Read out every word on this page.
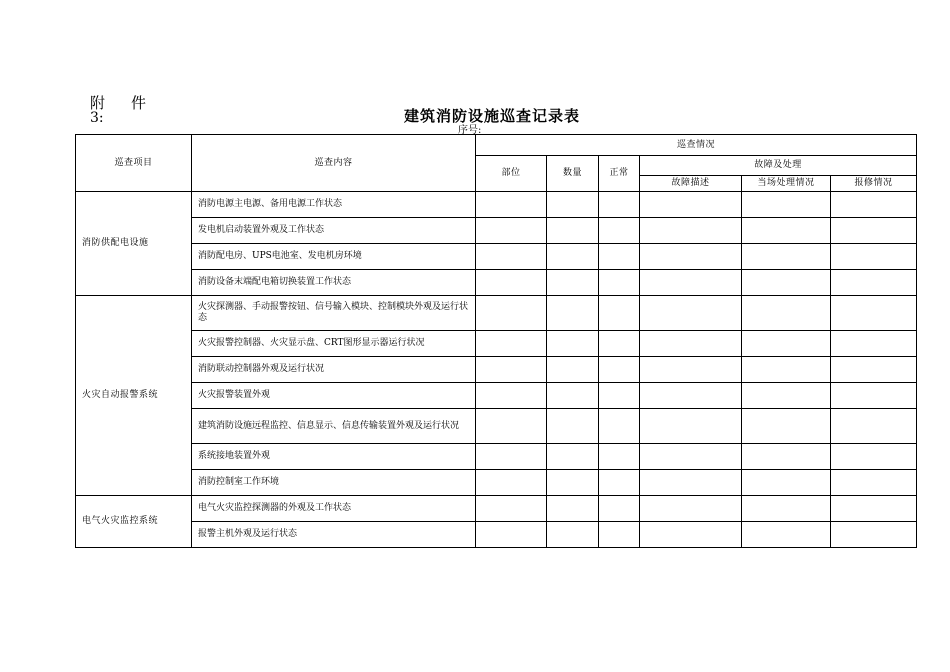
附 件
3:	建筑消防设施巡查记录表
序号:
巡查项目	巡查内容	巡查情况					
		部位	数量	正常	故障及处理		
					故障描述	当场处理情况	报修情况
消防供配电设施	消防电源主电源、备用电源工作状态						
	发电机启动装置外观及工作状态						
	消防配电房、UPS电池室、发电机房环境						
	消防设备末端配电箱切换装置工作状态						
火灾自动报警系统	火灾探测器、手动报警按钮、信号输入模块、控制模块外观及运行状态						
	火灾报警控制器、火灾显示盘、CRT图形显示器运行状况						
	消防联动控制器外观及运行状况						
	火灾报警装置外观						
	建筑消防设施远程监控、信息显示、信息传输装置外观及运行状况						
	系统接地装置外观						
	消防控制室工作环境						
电气火灾监控系统	电气火灾监控探测器的外观及工作状态						
	报警主机外观及运行状态						
